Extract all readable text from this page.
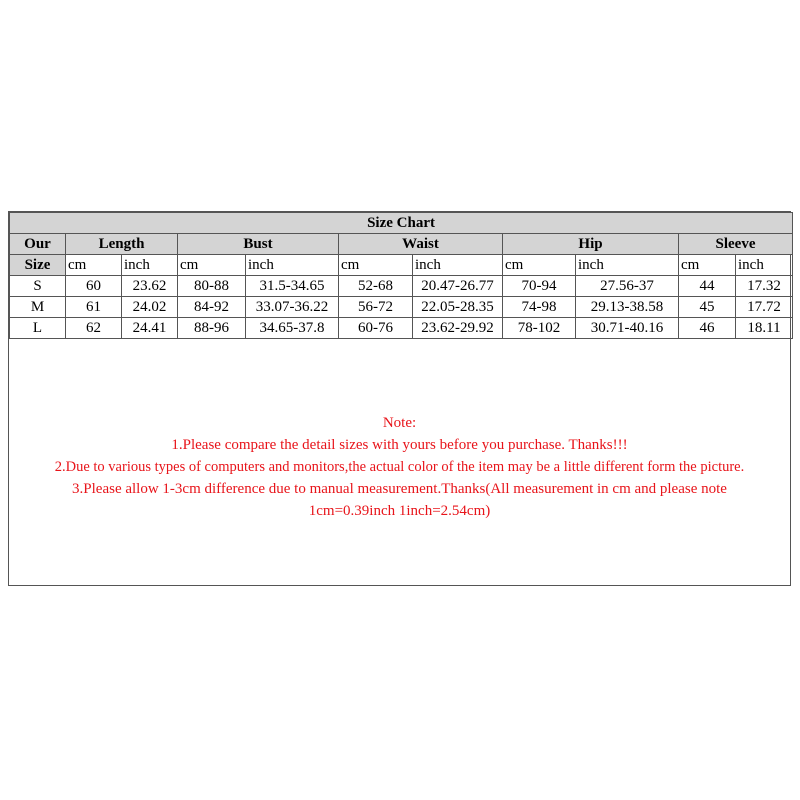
Size Chart										
Our	Length		Bust		Waist		Hip		Sleeve	
Size	cm	inch	cm	inch	cm	inch	cm	inch	cm	inch
S	60	23.62	80-88	31.5-34.65	52-68	20.47-26.77	70-94	27.56-37	44	17.32
M	61	24.02	84-92	33.07-36.22	56-72	22.05-28.35	74-98	29.13-38.58	45	17.72
L	62	24.41	88-96	34.65-37.8	60-76	23.62-29.92	78-102	30.71-40.16	46	18.11
Note:
1.Please compare the detail sizes with yours before you purchase. Thanks!!!
2.Due to various types of computers and monitors,the actual color of the item may be a little different form the picture.
3.Please allow 1-3cm difference due to manual measurement.Thanks(All measurement in cm and please note
1cm=0.39inch 1inch=2.54cm)
